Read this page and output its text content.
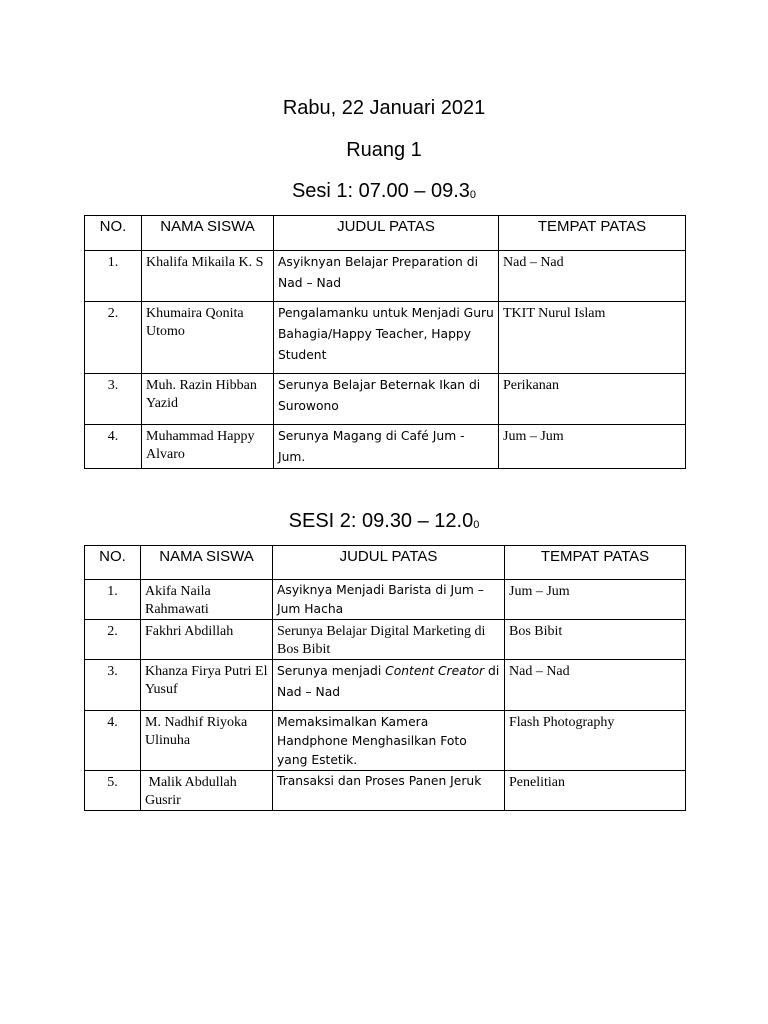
Rabu, 22 Januari 2021
Ruang 1
Sesi 1: 07.00 – 09.30
NO.	NAMA SISWA	JUDUL PATAS	TEMPAT PATAS
1.	Khalifa Mikaila K. S	Asyiknyan Belajar Preparation di Nad – Nad	Nad – Nad
2.	Khumaira Qonita Utomo	Pengalamanku untuk Menjadi Guru Bahagia/Happy Teacher, Happy Student	TKIT Nurul Islam
3.	Muh. Razin Hibban Yazid	Serunya Belajar Beternak Ikan di Surowono	Perikanan
4.	Muhammad Happy Alvaro	Serunya Magang di Café Jum - Jum.	Jum – Jum
SESI 2: 09.30 – 12.00
NO.	NAMA SISWA	JUDUL PATAS	TEMPAT PATAS
1.	Akifa Naila Rahmawati	Asyiknya Menjadi Barista di Jum – Jum Hacha	Jum – Jum
2.	Fakhri Abdillah	Serunya Belajar Digital Marketing di Bos Bibit	Bos Bibit
3.	Khanza Firya Putri El Yusuf	Serunya menjadi Content Creator di Nad – Nad	Nad – Nad
4.	M. Nadhif Riyoka Ulinuha	Memaksimalkan Kamera Handphone Menghasilkan Foto yang Estetik.	Flash Photography
5.	Malik Abdullah Gusrir	Transaksi dan Proses Panen Jeruk	Penelitian
